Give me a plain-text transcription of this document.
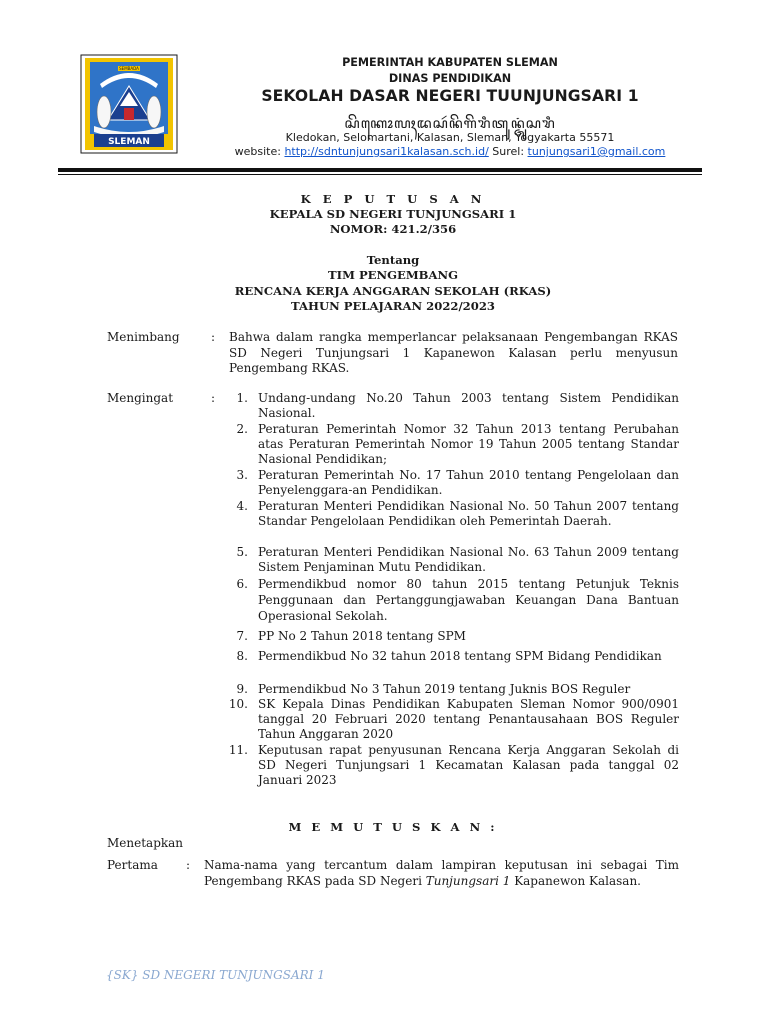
SLEMAN
SEMBADA	PEMERINTAH KABUPATEN SLEMAN
DINAS PENDIDIKAN
SEKOLAH DASAR NEGERI TUUNJUNGSARI 1
ꦱꦼꦏꦺꦴꦭꦃꦢꦱꦂꦤꦼꦒꦼꦫꦶꦠꦸꦤ꧀ꦗꦸꦁꦱꦫꦶ
Kledokan, Selomartani, Kalasan, Sleman, Yogyakarta 55571
website: http://sdntunjungsari1kalasan.sch.id/ Surel: tunjungsari1@gmail.com
K E P U T U S A N
KEPALA SD NEGERI TUNJUNGSARI 1
NOMOR: 421.2/356
Tentang
TIM PENGEMBANG
RENCANA KERJA ANGGARAN SEKOLAH (RKAS)
TAHUN PELAJARAN 2022/2023
Menimbang	: Bahwa dalam rangka memperlancar pelaksanaan Pengembangan RKAS SD Negeri Tunjungsari 1 Kapanewon Kalasan perlu menyusun Pengembang RKAS.
Mengingat	:	1. Undang-undang No.20 Tahun 2003 tentang Sistem Pendidikan Nasional.
2. Peraturan Pemerintah Nomor 32 Tahun 2013 tentang Perubahan atas Peraturan Pemerintah Nomor 19 Tahun 2005 tentang Standar Nasional Pendidikan;
3. Peraturan Pemerintah No. 17 Tahun 2010 tentang Pengelolaan dan Penyelenggara-an Pendidikan.
4. Peraturan Menteri Pendidikan Nasional No. 50 Tahun 2007 tentang Standar Pengelolaan Pendidikan oleh Pemerintah Daerah.
5. Peraturan Menteri Pendidikan Nasional No. 63 Tahun 2009 tentang Sistem Penjaminan Mutu Pendidikan.
6. Permendikbud nomor 80 tahun 2015 tentang Petunjuk Teknis Penggunaan dan Pertanggungjawaban Keuangan Dana Bantuan Operasional Sekolah.
7. PP No 2 Tahun 2018 tentang SPM
8. Permendikbud No 32 tahun 2018 tentang SPM Bidang Pendidikan
9. Permendikbud No 3 Tahun 2019 tentang Juknis BOS Reguler
10. SK Kepala Dinas Pendidikan Kabupaten Sleman Nomor 900/0901 tanggal 20 Februari 2020 tentang Penantausahaan BOS Reguler Tahun Anggaran 2020
11. Keputusan rapat penyusunan Rencana Kerja Anggaran Sekolah di SD Negeri Tunjungsari 1 Kecamatan Kalasan pada tanggal 02 Januari 2023
M E M U T U S K A N :
Menetapkan
Pertama : Nama-nama yang tercantum dalam lampiran keputusan ini sebagai Tim Pengembang RKAS pada SD Negeri Tunjungsari 1 Kapanewon Kalasan.
{SK} SD NEGERI TUNJUNGSARI 1
